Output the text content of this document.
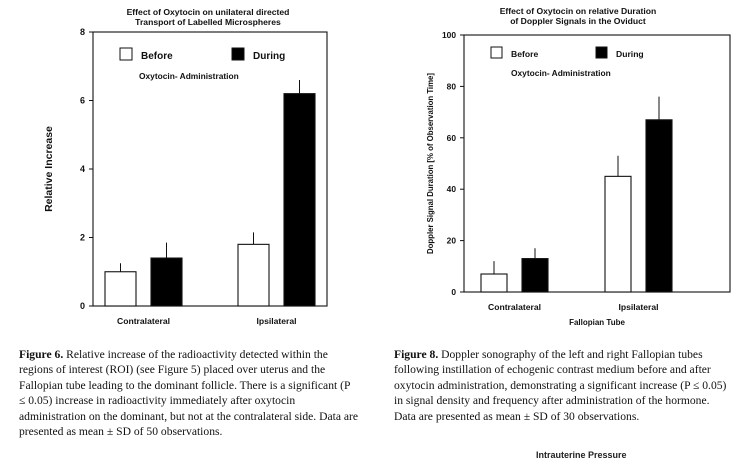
Effect of Oxytocin on unilateral directed
Transport of Labelled Microspheres
0
2
4
6
8
Relative Increase
Contralateral	Ipsilateral
Before	During
Oxytocin- Administration
Effect of Oxytocin on relative Duration
of Doppler Signals in the Oviduct
0
20
40
60
80
100
Doppler Signal Duration [% of Observation Time]
Contralateral	Ipsilateral
Fallopian Tube
Before	During
Oxytocin- Administration

Figure 6. Relative increase of the radioactivity detected within the regions of interest (ROI) (see Figure 5) placed over uterus and the Fallopian tube leading to the dominant follicle. There is a significant (P ≤ 0.05) increase in radioactivity immediately after oxytocin administration on the dominant, but not at the contralateral side. Data are presented as mean ± SD of 50 observations.

Figure 8. Doppler sonography of the left and right Fallopian tubes following instillation of echogenic contrast medium before and after oxytocin administration, demonstrating a significant increase (P ≤ 0.05) in signal density and frequency after administration of the hormone. Data are presented as mean ± SD of 30 observations.

Intrauterine Pressure
